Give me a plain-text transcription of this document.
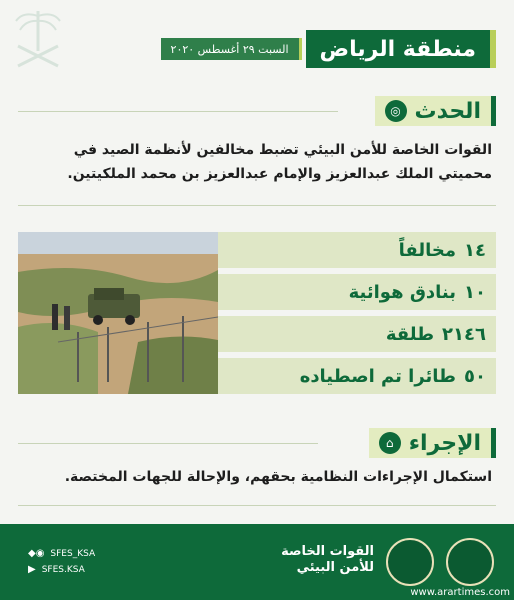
منطقة الرياض
السبت ٢٩ أغسطس ٢٠٢٠
الحدث
◎
القوات الخاصة للأمن البيئي تضبط مخالفين لأنظمة الصيد في محميتي الملك عبدالعزيز والإمام عبدالعزيز بن محمد الملكيتين.
١٤
مخالفاً
١٠
بنادق هوائية
٢١٤٦
طلقة
٥٠
طائرا تم اصطياده
الإجراء
⌂
استكمال الإجراءات النظامية بحقهم، والإحالة للجهات المختصة.
القوات الخاصة
للأمن البيئي
◆◉ SFES_KSA
▶ SFES.KSA
www.arartimes.com
